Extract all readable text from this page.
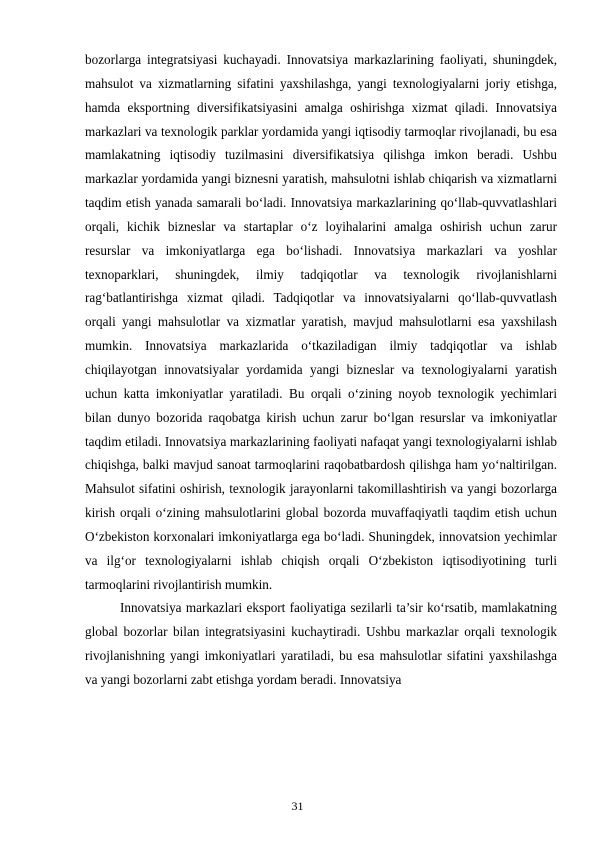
bozorlarga integratsiyasi kuchayadi. Innovatsiya markazlarining faoliyati, shuningdek, mahsulot va xizmatlarning sifatini yaxshilashga, yangi texnologiyalarni joriy etishga, hamda eksportning diversifikatsiyasini amalga oshirishga xizmat qiladi. Innovatsiya markazlari va texnologik parklar yordamida yangi iqtisodiy tarmoqlar rivojlanadi, bu esa mamlakatning iqtisodiy tuzilmasini diversifikatsiya qilishga imkon beradi. Ushbu markazlar yordamida yangi biznesni yaratish, mahsulotni ishlab chiqarish va xizmatlarni taqdim etish yanada samarali bo‘ladi. Innovatsiya markazlarining qo‘llab-quvvatlashlari orqali, kichik bizneslar va startaplar o‘z loyihalarini amalga oshirish uchun zarur resurslar va imkoniyatlarga ega bo‘lishadi. Innovatsiya markazlari va yoshlar texnoparklari, shuningdek, ilmiy tadqiqotlar va texnologik rivojlanishlarni rag‘batlantirishga xizmat qiladi. Tadqiqotlar va innovatsiyalarni qo‘llab-quvvatlash orqali yangi mahsulotlar va xizmatlar yaratish, mavjud mahsulotlarni esa yaxshilash mumkin. Innovatsiya markazlarida o‘tkaziladigan ilmiy tadqiqotlar va ishlab chiqilayotgan innovatsiyalar yordamida yangi bizneslar va texnologiyalarni yaratish uchun katta imkoniyatlar yaratiladi. Bu orqali o‘zining noyob texnologik yechimlari bilan dunyo bozorida raqobatga kirish uchun zarur bo‘lgan resurslar va imkoniyatlar taqdim etiladi. Innovatsiya markazlarining faoliyati nafaqat yangi texnologiyalarni ishlab chiqishga, balki mavjud sanoat tarmoqlarini raqobatbardosh qilishga ham yo‘naltirilgan. Mahsulot sifatini oshirish, texnologik jarayonlarni takomillashtirish va yangi bozorlarga kirish orqali o‘zining mahsulotlarini global bozorda muvaffaqiyatli taqdim etish uchun O‘zbekiston korxonalari imkoniyatlarga ega bo‘ladi. Shuningdek, innovatsion yechimlar va ilg‘or texnologiyalarni ishlab chiqish orqali O‘zbekiston iqtisodiyotining turli tarmoqlarini rivojlantirish mumkin.

Innovatsiya markazlari eksport faoliyatiga sezilarli ta’sir ko‘rsatib, mamlakatning global bozorlar bilan integratsiyasini kuchaytiradi. Ushbu markazlar orqali texnologik rivojlanishning yangi imkoniyatlari yaratiladi, bu esa mahsulotlar sifatini yaxshilashga va yangi bozorlarni zabt etishga yordam beradi. Innovatsiya

31
